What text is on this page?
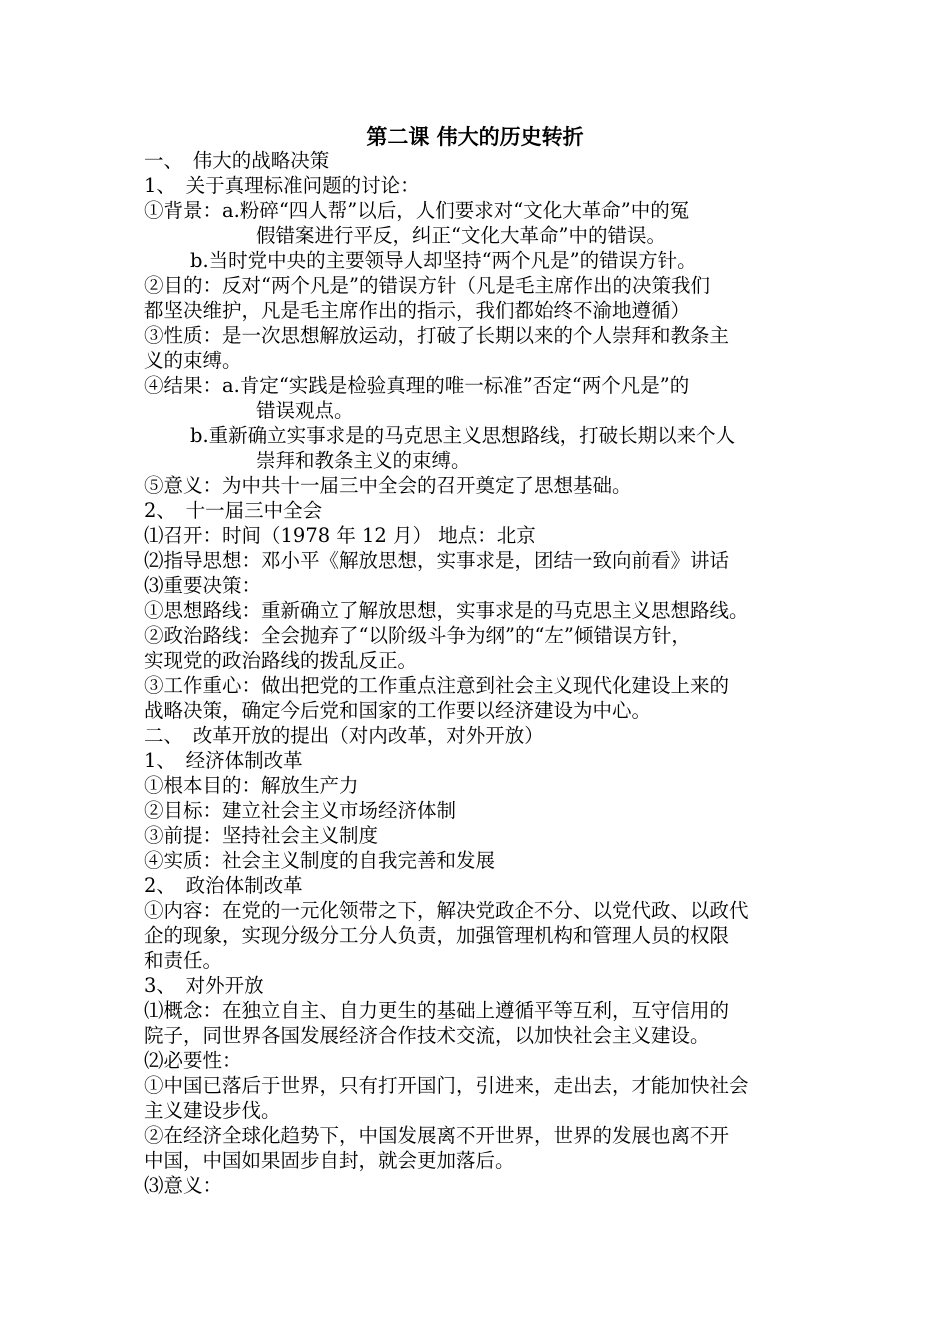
第二课 伟大的历史转折
一、　伟大的战略决策
1、　关于真理标准问题的讨论：
①背景：a.粉碎“四人帮”以后，人们要求对“文化大革命”中的冤
假错案进行平反，纠正“文化大革命”中的错误。
b.当时党中央的主要领导人却坚持“两个凡是”的错误方针。
②目的：反对“两个凡是”的错误方针（凡是毛主席作出的决策我们
都坚决维护，凡是毛主席作出的指示，我们都始终不渝地遵循）
③性质：是一次思想解放运动，打破了长期以来的个人崇拜和教条主
义的束缚。
④结果：a.肯定“实践是检验真理的唯一标准”否定“两个凡是”的
错误观点。
b.重新确立实事求是的马克思主义思想路线，打破长期以来个人
崇拜和教条主义的束缚。
⑤意义：为中共十一届三中全会的召开奠定了思想基础。
2、　十一届三中全会
⑴召开：时间（1978 年 12 月） 地点：北京
⑵指导思想：邓小平《解放思想，实事求是，团结一致向前看》讲话
⑶重要决策：
①思想路线：重新确立了解放思想，实事求是的马克思主义思想路线。
②政治路线：全会抛弃了“以阶级斗争为纲”的“左”倾错误方针，
实现党的政治路线的拨乱反正。
③工作重心：做出把党的工作重点注意到社会主义现代化建设上来的
战略决策，确定今后党和国家的工作要以经济建设为中心。
二、　改革开放的提出（对内改革，对外开放）
1、　经济体制改革
①根本目的：解放生产力
②目标：建立社会主义市场经济体制
③前提：坚持社会主义制度
④实质：社会主义制度的自我完善和发展
2、　政治体制改革
①内容：在党的一元化领带之下，解决党政企不分、以党代政、以政代
企的现象，实现分级分工分人负责，加强管理机构和管理人员的权限
和责任。
3、　对外开放
⑴概念：在独立自主、自力更生的基础上遵循平等互利，互守信用的
院子，同世界各国发展经济合作技术交流，以加快社会主义建设。
⑵必要性：
①中国已落后于世界，只有打开国门，引进来，走出去，才能加快社会
主义建设步伐。
②在经济全球化趋势下，中国发展离不开世界，世界的发展也离不开
中国，中国如果固步自封，就会更加落后。
⑶意义：
